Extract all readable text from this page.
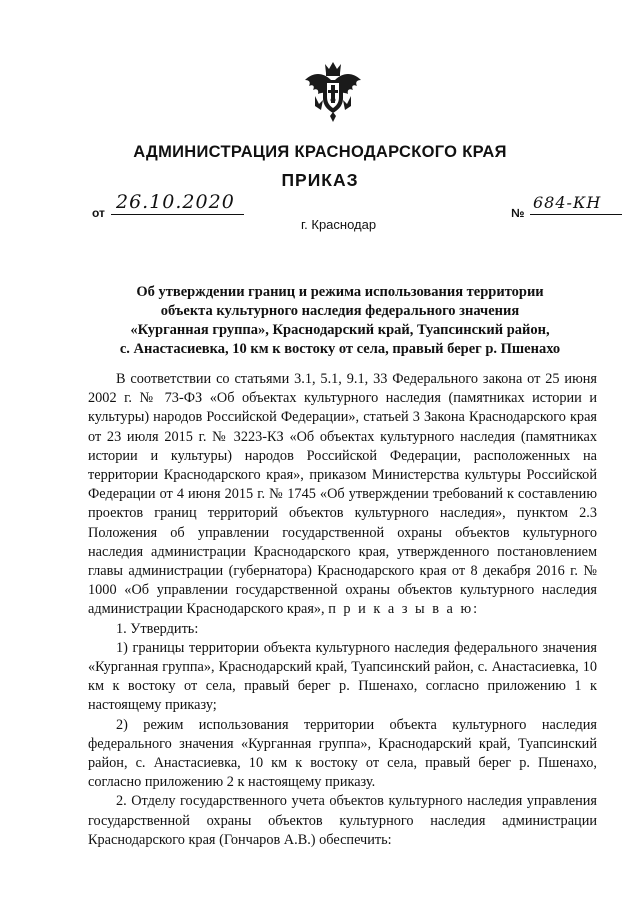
АДМИНИСТРАЦИЯ КРАСНОДАРСКОГО КРАЯ
ПРИКАЗ
от 26.10.2020
г. Краснодар
№
684-КН
Об утверждении границ и режима использования территории
объекта культурного наследия федерального значения
«Курганная группа», Краснодарский край, Туапсинский район,
с. Анастасиевка, 10 км к востоку от села, правый берег р. Пшенахо

В соответствии со статьями 3.1, 5.1, 9.1, 33 Федерального закона от 25 июня 2002 г. № 73-ФЗ «Об объектах культурного наследия (памятниках истории и культуры) народов Российской Федерации», статьей 3 Закона Краснодарского края от 23 июля 2015 г. № 3223-КЗ «Об объектах культурного наследия (памятниках истории и культуры) народов Российской Федерации, расположенных на территории Краснодарского края», приказом Министерства культуры Российской Федерации от 4 июня 2015 г. № 1745 «Об утверждении требований к составлению проектов границ территорий объектов культурного наследия», пунктом 2.3 Положения об управлении государственной охраны объектов культурного наследия администрации Краснодарского края, утвержденного постановлением главы администрации (губернатора) Краснодарского края от 8 декабря 2016 г. № 1000 «Об управлении государственной охраны объектов культурного наследия администрации Краснодарского края», п р и к а з ы в а ю:

1. Утвердить:

1) границы территории объекта культурного наследия федерального значения «Курганная группа», Краснодарский край, Туапсинский район, с. Анастасиевка, 10 км к востоку от села, правый берег р. Пшенахо, согласно приложению 1 к настоящему приказу;

2) режим использования территории объекта культурного наследия федерального значения «Курганная группа», Краснодарский край, Туапсинский район, с. Анастасиевка, 10 км к востоку от села, правый берег р. Пшенахо, согласно приложению 2 к настоящему приказу.

2. Отделу государственного учета объектов культурного наследия управления государственной охраны объектов культурного наследия администрации Краснодарского края (Гончаров А.В.) обеспечить:
